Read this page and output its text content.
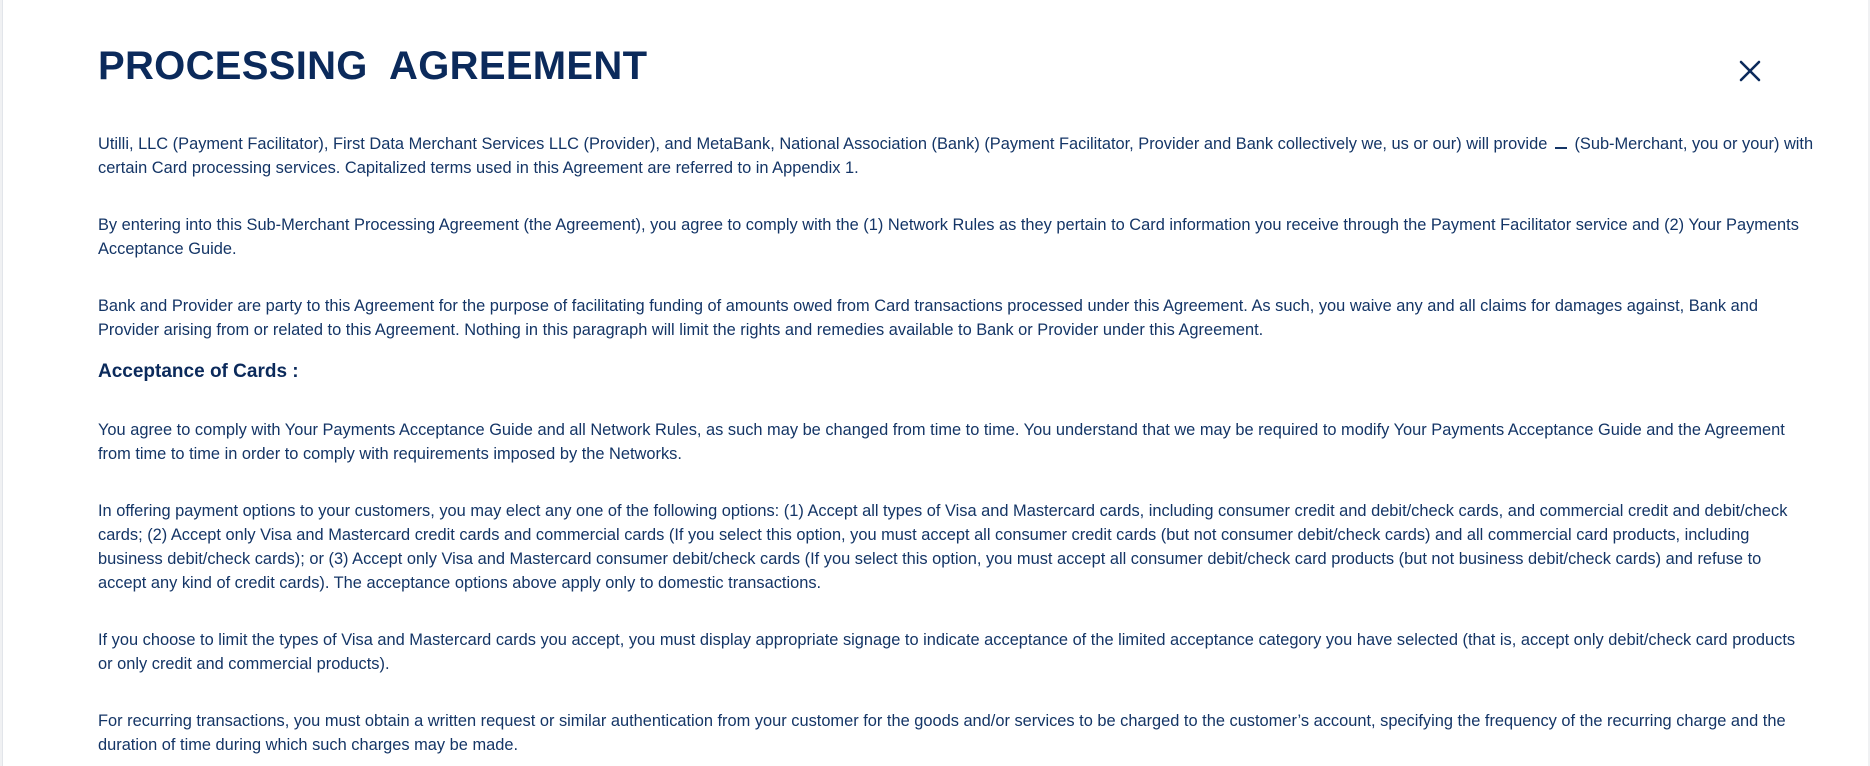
PROCESSING  AGREEMENT

Utilli, LLC (Payment Facilitator), First Data Merchant Services LLC (Provider), and MetaBank, National Association (Bank) (Payment Facilitator, Provider and Bank collectively we, us or our) will provide (Sub-Merchant, you or your) with certain Card processing services. Capitalized terms used in this Agreement are referred to in Appendix 1.

By entering into this Sub-Merchant Processing Agreement (the Agreement), you agree to comply with the (1) Network Rules as they pertain to Card information you receive through the Payment Facilitator service and (2) Your Payments Acceptance Guide.

Bank and Provider are party to this Agreement for the purpose of facilitating funding of amounts owed from Card transactions processed under this Agreement. As such, you waive any and all claims for damages against, Bank and Provider arising from or related to this Agreement. Nothing in this paragraph will limit the rights and remedies available to Bank or Provider under this Agreement.

Acceptance of Cards :

You agree to comply with Your Payments Acceptance Guide and all Network Rules, as such may be changed from time to time. You understand that we may be required to modify Your Payments Acceptance Guide and the Agreement from time to time in order to comply with requirements imposed by the Networks.

In offering payment options to your customers, you may elect any one of the following options: (1) Accept all types of Visa and Mastercard cards, including consumer credit and debit/check cards, and commercial credit and debit/check cards; (2) Accept only Visa and Mastercard credit cards and commercial cards (If you select this option, you must accept all consumer credit cards (but not consumer debit/check cards) and all commercial card products, including business debit/check cards); or (3) Accept only Visa and Mastercard consumer debit/check cards (If you select this option, you must accept all consumer debit/check card products (but not business debit/check cards) and refuse to accept any kind of credit cards). The acceptance options above apply only to domestic transactions.

If you choose to limit the types of Visa and Mastercard cards you accept, you must display appropriate signage to indicate acceptance of the limited acceptance category you have selected (that is, accept only debit/check card products or only credit and commercial products).

For recurring transactions, you must obtain a written request or similar authentication from your customer for the goods and/or services to be charged to the customer’s account, specifying the frequency of the recurring charge and the duration of time during which such charges may be made.
